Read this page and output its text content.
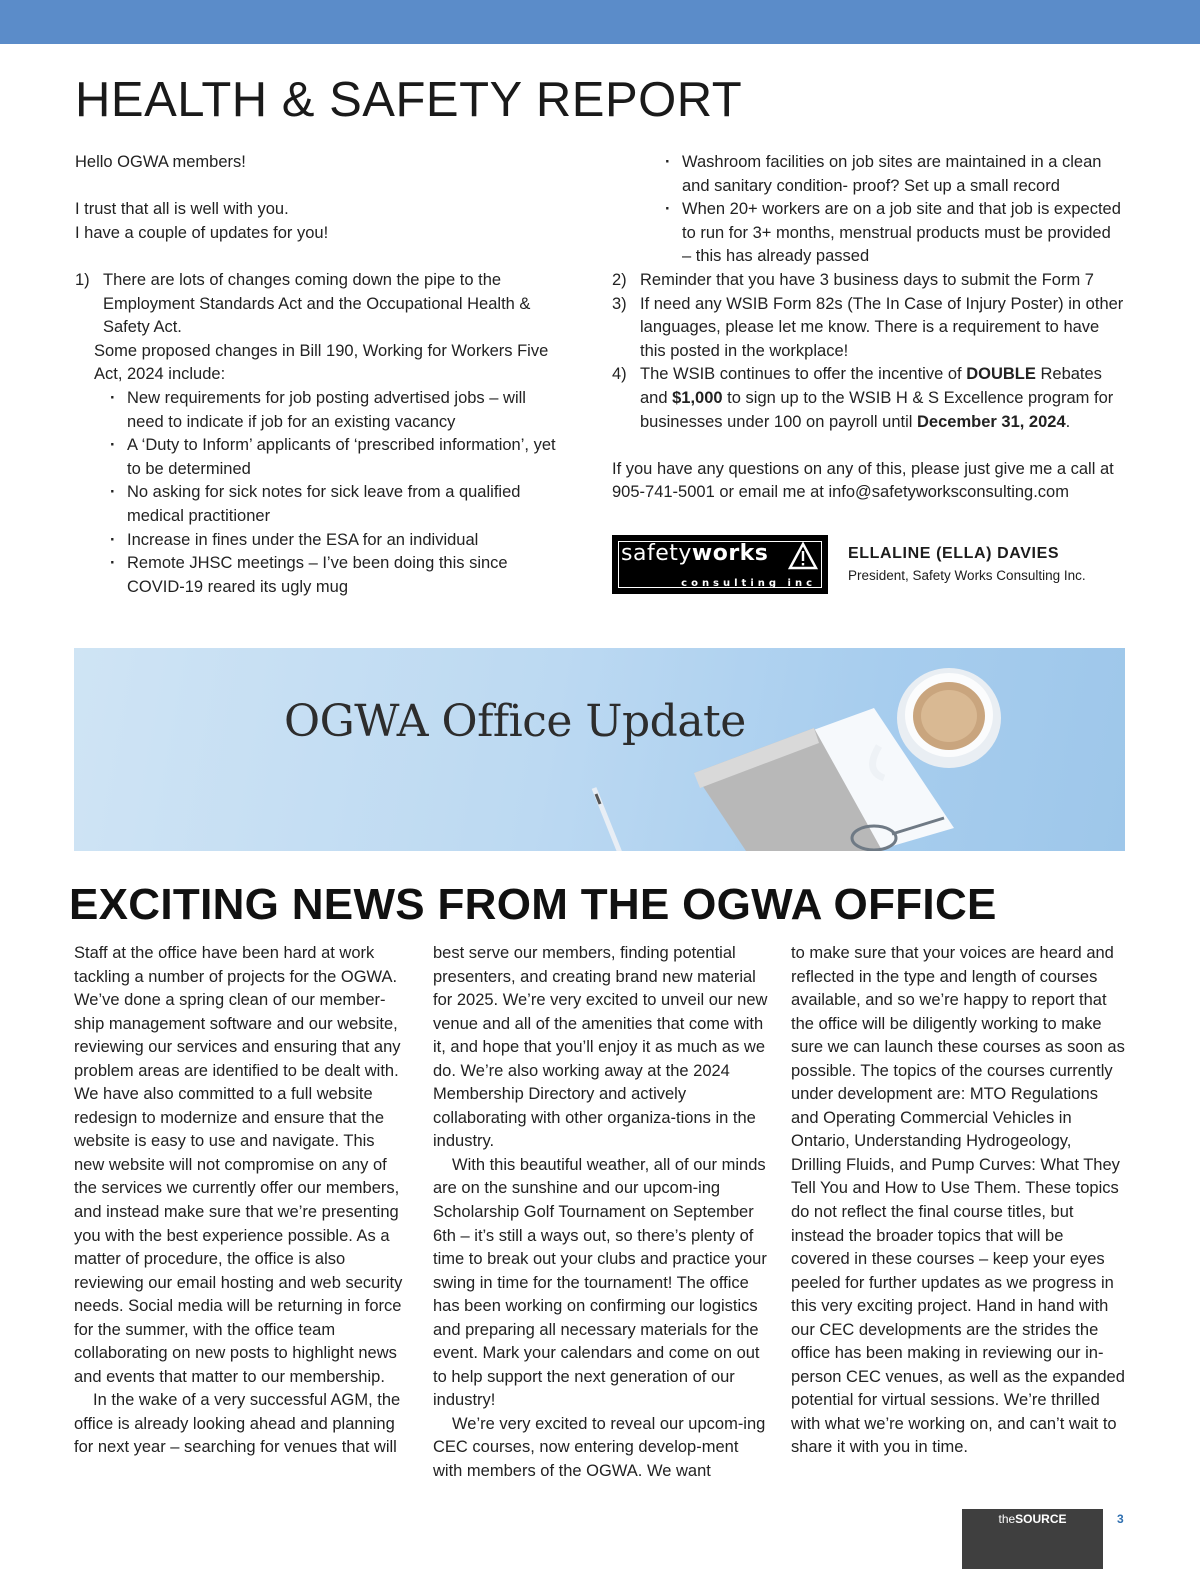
HEALTH & SAFETY REPORT

Hello OGWA members!

I trust that all is well with you.

I have a couple of updates for you!

1) There are lots of changes coming down the pipe to the Employment Standards Act and the Occupational Health & Safety Act.

Some proposed changes in Bill 190, Working for Workers Five Act, 2024 include:

· New requirements for job posting advertised jobs – will need to indicate if job for an existing vacancy
· A ‘Duty to Inform’ applicants of ‘prescribed information’, yet to be determined
· No asking for sick notes for sick leave from a qualified medical practitioner
· Increase in fines under the ESA for an individual
· Remote JHSC meetings – I’ve been doing this since COVID-19 reared its ugly mug
· Washroom facilities on job sites are maintained in a clean and sanitary condition- proof? Set up a small record
· When 20+ workers are on a job site and that job is expected to run for 3+ months, menstrual products must be provided – this has already passed
2) Reminder that you have 3 business days to submit the Form 7
3) If need any WSIB Form 82s (The In Case of Injury Poster) in other languages, please let me know. There is a requirement to have this posted in the workplace!
4) The WSIB continues to offer the incentive of DOUBLE Rebates and $1,000 to sign up to the WSIB H & S Excellence program for businesses under 100 on payroll until December 31, 2024.

If you have any questions on any of this, please just give me a call at 905-741-5001 or email me at info@safetyworksconsulting.com

safetyworks
consulting inc
ELLALINE (ELLA) DAVIES
President, Safety Works Consulting Inc.
OGWA Office Update
EXCITING NEWS FROM THE OGWA OFFICE

Staff at the office have been hard at work tackling a number of projects for the OGWA. We’ve done a spring clean of our member-ship management software and our website, reviewing our services and ensuring that any problem areas are identified to be dealt with. We have also committed to a full website redesign to modernize and ensure that the website is easy to use and navigate. This new website will not compromise on any of the services we currently offer our members, and instead make sure that we’re presenting you with the best experience possible. As a matter of procedure, the office is also reviewing our email hosting and web security needs. Social media will be returning in force for the summer, with the office team collaborating on new posts to highlight news and events that matter to our membership.

In the wake of a very successful AGM, the office is already looking ahead and planning for next year – searching for venues that will

best serve our members, finding potential presenters, and creating brand new material for 2025. We’re very excited to unveil our new venue and all of the amenities that come with it, and hope that you’ll enjoy it as much as we do. We’re also working away at the 2024 Membership Directory and actively collaborating with other organiza-tions in the industry.

With this beautiful weather, all of our minds are on the sunshine and our upcom-ing Scholarship Golf Tournament on September 6th – it’s still a ways out, so there’s plenty of time to break out your clubs and practice your swing in time for the tournament! The office has been working on confirming our logistics and preparing all necessary materials for the event. Mark your calendars and come on out to help support the next generation of our industry!

We’re very excited to reveal our upcom-ing CEC courses, now entering develop-ment with members of the OGWA. We want

to make sure that your voices are heard and reflected in the type and length of courses available, and so we’re happy to report that the office will be diligently working to make sure we can launch these courses as soon as possible. The topics of the courses currently under development are: MTO Regulations and Operating Commercial Vehicles in Ontario, Understanding Hydrogeology, Drilling Fluids, and Pump Curves: What They Tell You and How to Use Them. These topics do not reflect the final course titles, but instead the broader topics that will be covered in these courses – keep your eyes peeled for further updates as we progress in this very exciting project. Hand in hand with our CEC developments are the strides the office has been making in reviewing our in-person CEC venues, as well as the expanded potential for virtual sessions. We’re thrilled with what we’re working on, and can’t wait to share it with you in time.

theSOURCE	3
